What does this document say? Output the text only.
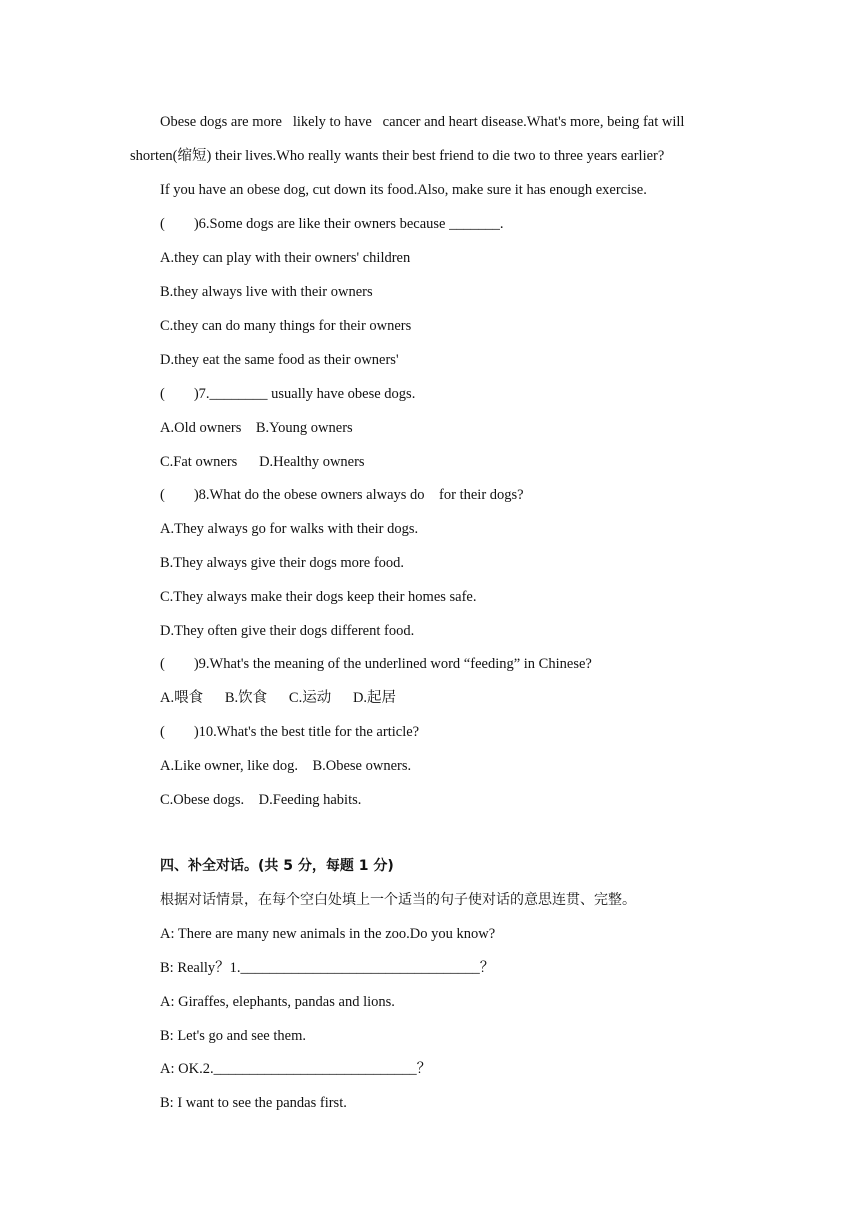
Obese dogs are more   likely to have   cancer and heart disease.What's more, being fat will
shorten(缩短) their lives.Who really wants their best friend to die two to three years earlier?
If you have an obese dog, cut down its food.Also, make sure it has enough exercise.
(        )6.Some dogs are like their owners because _______.
A.they can play with their owners' children
B.they always live with their owners
C.they can do many things for their owners
D.they eat the same food as their owners'
(        )7.________ usually have obese dogs.
A.Old owners    B.Young owners
C.Fat owners      D.Healthy owners
(        )8.What do the obese owners always do    for their dogs?
A.They always go for walks with their dogs.
B.They always give their dogs more food.
C.They always make their dogs keep their homes safe.
D.They often give their dogs different food.
(        )9.What's the meaning of the underlined word “feeding” in Chinese?
A.喂食      B.饮食      C.运动      D.起居
(        )10.What's the best title for the article?
A.Like owner, like dog.    B.Obese owners.
C.Obese dogs.    D.Feeding habits.
四、补全对话。(共 5 分，每题 1 分)
根据对话情景，在每个空白处填上一个适当的句子使对话的意思连贯、完整。
A: There are many new animals in the zoo.Do you know?
B: Really？1._________________________________？
A: Giraffes, elephants, pandas and lions.
B: Let's go and see them.
A: OK.2.____________________________？
B: I want to see the pandas first.
